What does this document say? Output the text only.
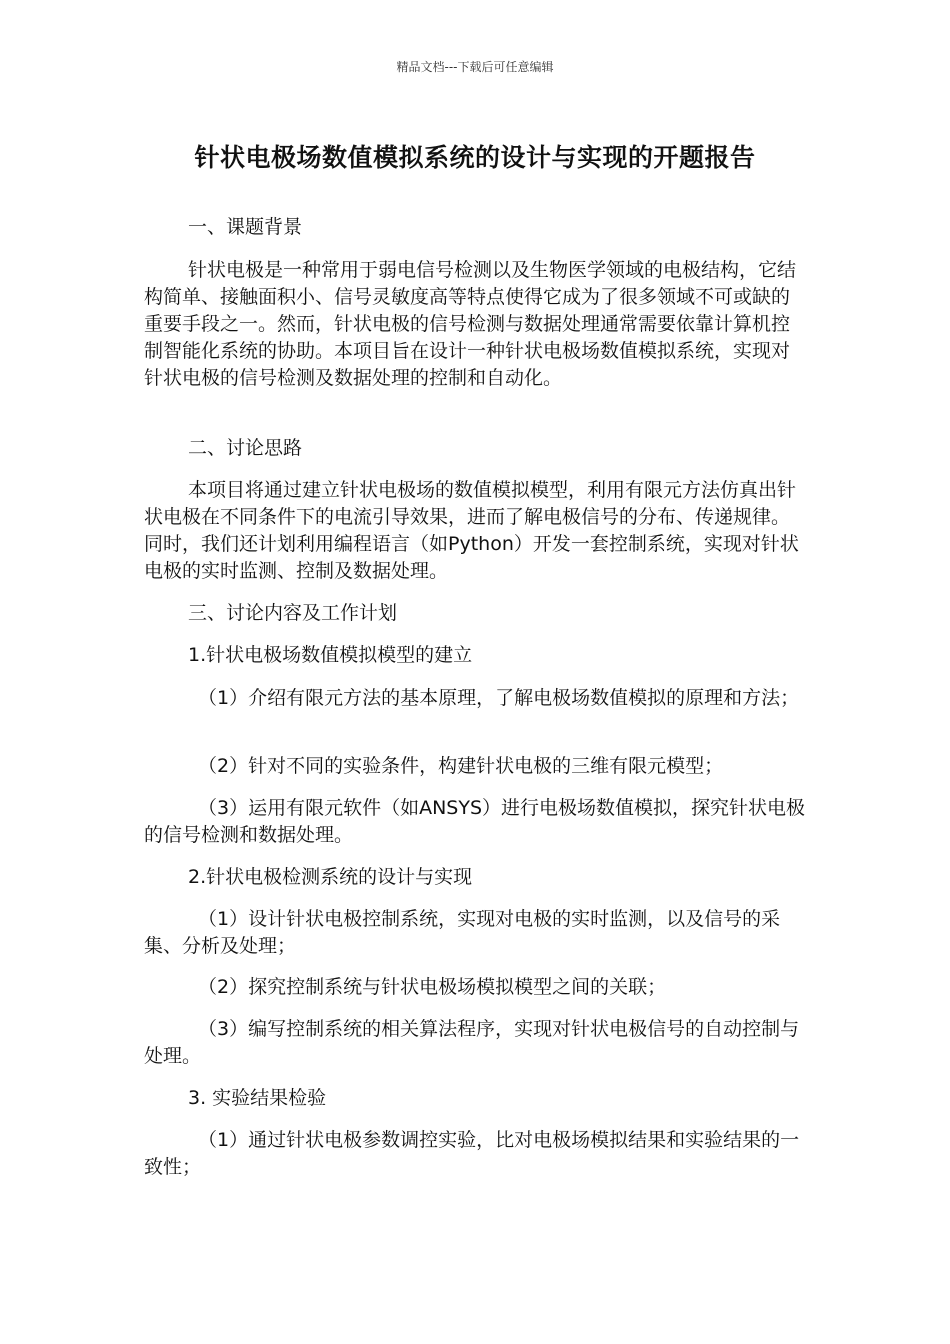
精品文档---下载后可任意编辑
针状电极场数值模拟系统的设计与实现的开题报告
一、课题背景
针状电极是一种常用于弱电信号检测以及生物医学领域的电极结构，它结构简单、接触面积小、信号灵敏度高等特点使得它成为了很多领域不可或缺的重要手段之一。然而，针状电极的信号检测与数据处理通常需要依靠计算机控制智能化系统的协助。本项目旨在设计一种针状电极场数值模拟系统，实现对针状电极的信号检测及数据处理的控制和自动化。
二、讨论思路
本项目将通过建立针状电极场的数值模拟模型，利用有限元方法仿真出针状电极在不同条件下的电流引导效果，进而了解电极信号的分布、传递规律。同时，我们还计划利用编程语言（如Python）开发一套控制系统，实现对针状电极的实时监测、控制及数据处理。
三、讨论内容及工作计划
1.针状电极场数值模拟模型的建立
（1）介绍有限元方法的基本原理，了解电极场数值模拟的原理和方法；
（2）针对不同的实验条件，构建针状电极的三维有限元模型；
（3）运用有限元软件（如ANSYS）进行电极场数值模拟，探究针状电极的信号检测和数据处理。
2.针状电极检测系统的设计与实现
（1）设计针状电极控制系统，实现对电极的实时监测，以及信号的采集、分析及处理；
（2）探究控制系统与针状电极场模拟模型之间的关联；
（3）编写控制系统的相关算法程序，实现对针状电极信号的自动控制与处理。
3. 实验结果检验
（1）通过针状电极参数调控实验，比对电极场模拟结果和实验结果的一致性；
